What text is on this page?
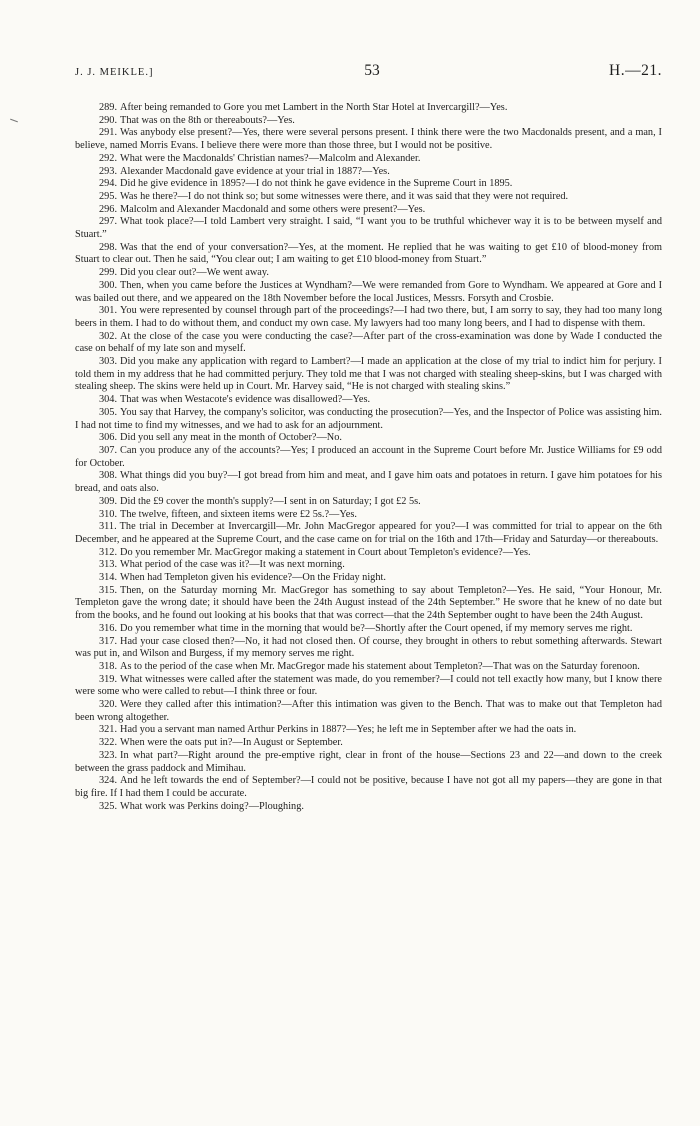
J. J. MEIKLE.]	53	H.—21.

289. After being remanded to Gore you met Lambert in the North Star Hotel at Invercargill?—Yes.

290. That was on the 8th or thereabouts?—Yes.

291. Was anybody else present?—Yes, there were several persons present. I think there were the two Macdonalds present, and a man, I believe, named Morris Evans. I believe there were more than those three, but I would not be positive.

292. What were the Macdonalds' Christian names?—Malcolm and Alexander.

293. Alexander Macdonald gave evidence at your trial in 1887?—Yes.

294. Did he give evidence in 1895?—I do not think he gave evidence in the Supreme Court in 1895.

295. Was he there?—I do not think so; but some witnesses were there, and it was said that they were not required.

296. Malcolm and Alexander Macdonald and some others were present?—Yes.

297. What took place?—I told Lambert very straight. I said, “I want you to be truthful whichever way it is to be between myself and Stuart.”

298. Was that the end of your conversation?—Yes, at the moment. He replied that he was waiting to get £10 of blood-money from Stuart to clear out. Then he said, “You clear out; I am waiting to get £10 blood-money from Stuart.”

299. Did you clear out?—We went away.

300. Then, when you came before the Justices at Wyndham?—We were remanded from Gore to Wyndham. We appeared at Gore and I was bailed out there, and we appeared on the 18th November before the local Justices, Messrs. Forsyth and Crosbie.

301. You were represented by counsel through part of the proceedings?—I had two there, but, I am sorry to say, they had too many long beers in them. I had to do without them, and conduct my own case. My lawyers had too many long beers, and I had to dispense with them.

302. At the close of the case you were conducting the case?—After part of the cross-examination was done by Wade I conducted the case on behalf of my late son and myself.

303. Did you make any application with regard to Lambert?—I made an application at the close of my trial to indict him for perjury. I told them in my address that he had committed perjury. They told me that I was not charged with stealing sheep-skins, but I was charged with stealing sheep. The skins were held up in Court. Mr. Harvey said, “He is not charged with stealing skins.”

304. That was when Westacote's evidence was disallowed?—Yes.

305. You say that Harvey, the company's solicitor, was conducting the prosecution?—Yes, and the Inspector of Police was assisting him. I had not time to find my witnesses, and we had to ask for an adjournment.

306. Did you sell any meat in the month of October?—No.

307. Can you produce any of the accounts?—Yes; I produced an account in the Supreme Court before Mr. Justice Williams for £9 odd for October.

308. What things did you buy?—I got bread from him and meat, and I gave him oats and potatoes in return. I gave him potatoes for his bread, and oats also.

309. Did the £9 cover the month's supply?—I sent in on Saturday; I got £2 5s.

310. The twelve, fifteen, and sixteen items were £2 5s.?—Yes.

311. The trial in December at Invercargill—Mr. John MacGregor appeared for you?—I was committed for trial to appear on the 6th December, and he appeared at the Supreme Court, and the case came on for trial on the 16th and 17th—Friday and Saturday—or thereabouts.

312. Do you remember Mr. MacGregor making a statement in Court about Templeton's evidence?—Yes.

313. What period of the case was it?—It was next morning.

314. When had Templeton given his evidence?—On the Friday night.

315. Then, on the Saturday morning Mr. MacGregor has something to say about Templeton?—Yes. He said, “Your Honour, Mr. Templeton gave the wrong date; it should have been the 24th August instead of the 24th September.” He swore that he knew of no date but from the books, and he found out looking at his books that that was correct—that the 24th September ought to have been the 24th August.

316. Do you remember what time in the morning that would be?—Shortly after the Court opened, if my memory serves me right.

317. Had your case closed then?—No, it had not closed then. Of course, they brought in others to rebut something afterwards. Stewart was put in, and Wilson and Burgess, if my memory serves me right.

318. As to the period of the case when Mr. MacGregor made his statement about Templeton?—That was on the Saturday forenoon.

319. What witnesses were called after the statement was made, do you remember?—I could not tell exactly how many, but I know there were some who were called to rebut—I think three or four.

320. Were they called after this intimation?—After this intimation was given to the Bench. That was to make out that Templeton had been wrong altogether.

321. Had you a servant man named Arthur Perkins in 1887?—Yes; he left me in September after we had the oats in.

322. When were the oats put in?—In August or September.

323. In what part?—Right around the pre-emptive right, clear in front of the house—Sections 23 and 22—and down to the creek between the grass paddock and Mimihau.

324. And he left towards the end of September?—I could not be positive, because I have not got all my papers—they are gone in that big fire. If I had them I could be accurate.

325. What work was Perkins doing?—Ploughing.
